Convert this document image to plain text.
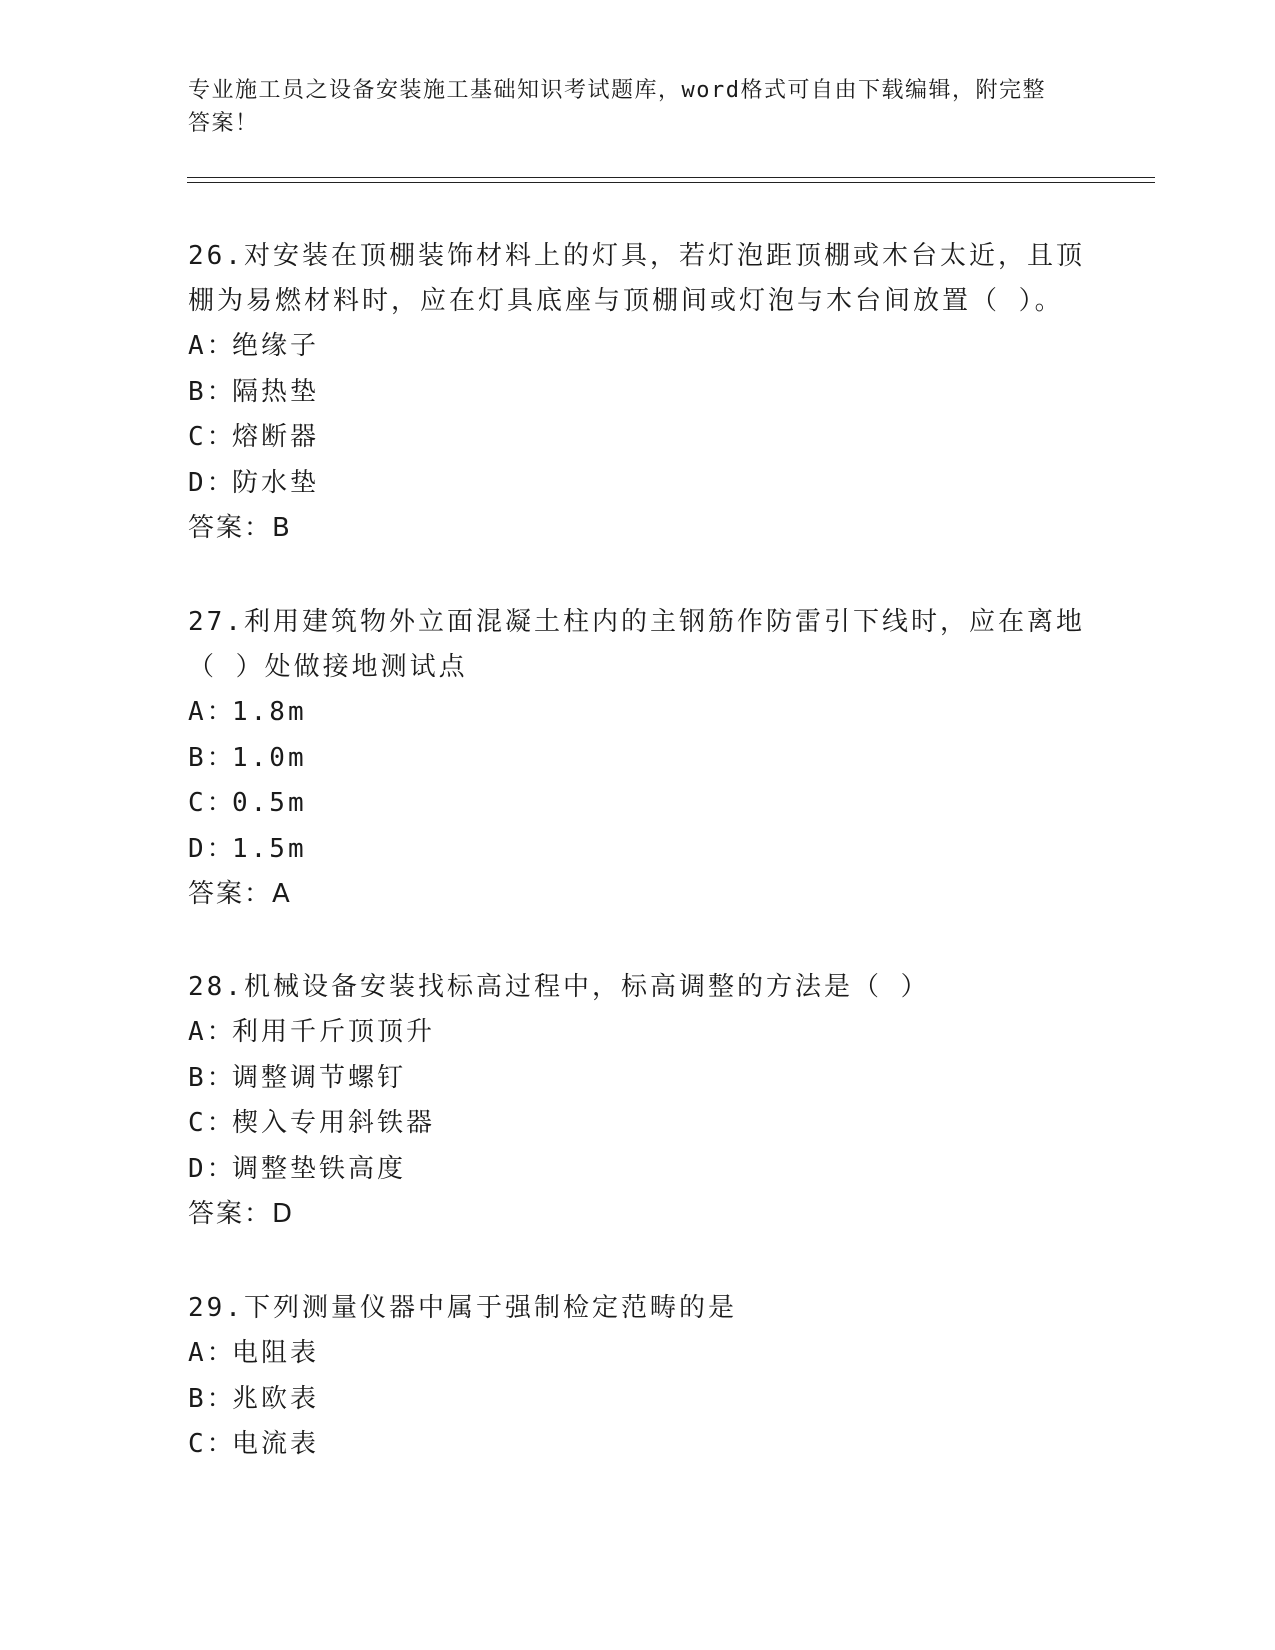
专业施工员之设备安装施工基础知识考试题库，word格式可自由下载编辑，附完整答案！

26.对安装在顶棚装饰材料上的灯具，若灯泡距顶棚或木台太近，且顶棚为易燃材料时，应在灯具底座与顶棚间或灯泡与木台间放置（ ）。

A：绝缘子

B：隔热垫

C：熔断器

D：防水垫

答案：B

27.利用建筑物外立面混凝土柱内的主钢筋作防雷引下线时，应在离地（ ）处做接地测试点

A：1.8m

B：1.0m

C：0.5m

D：1.5m

答案：A

28.机械设备安装找标高过程中，标高调整的方法是（ ）

A：利用千斤顶顶升

B：调整调节螺钉

C：楔入专用斜铁器

D：调整垫铁高度

答案：D

29.下列测量仪器中属于强制检定范畴的是

A：电阻表

B：兆欧表

C：电流表
